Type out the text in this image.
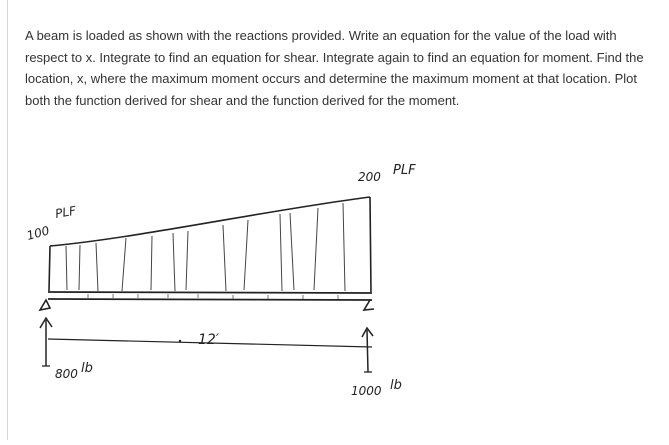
A beam is loaded as shown with the reactions provided. Write an equation for the value of the load with respect to x. Integrate to find an equation for shear. Integrate again to find an equation for moment. Find the location, x, where the maximum moment occurs and determine the maximum moment at that location. Plot both the function derived for shear and the function derived for the moment.

PLF
100
200 PLF
12′
800 lb
1000 lb
